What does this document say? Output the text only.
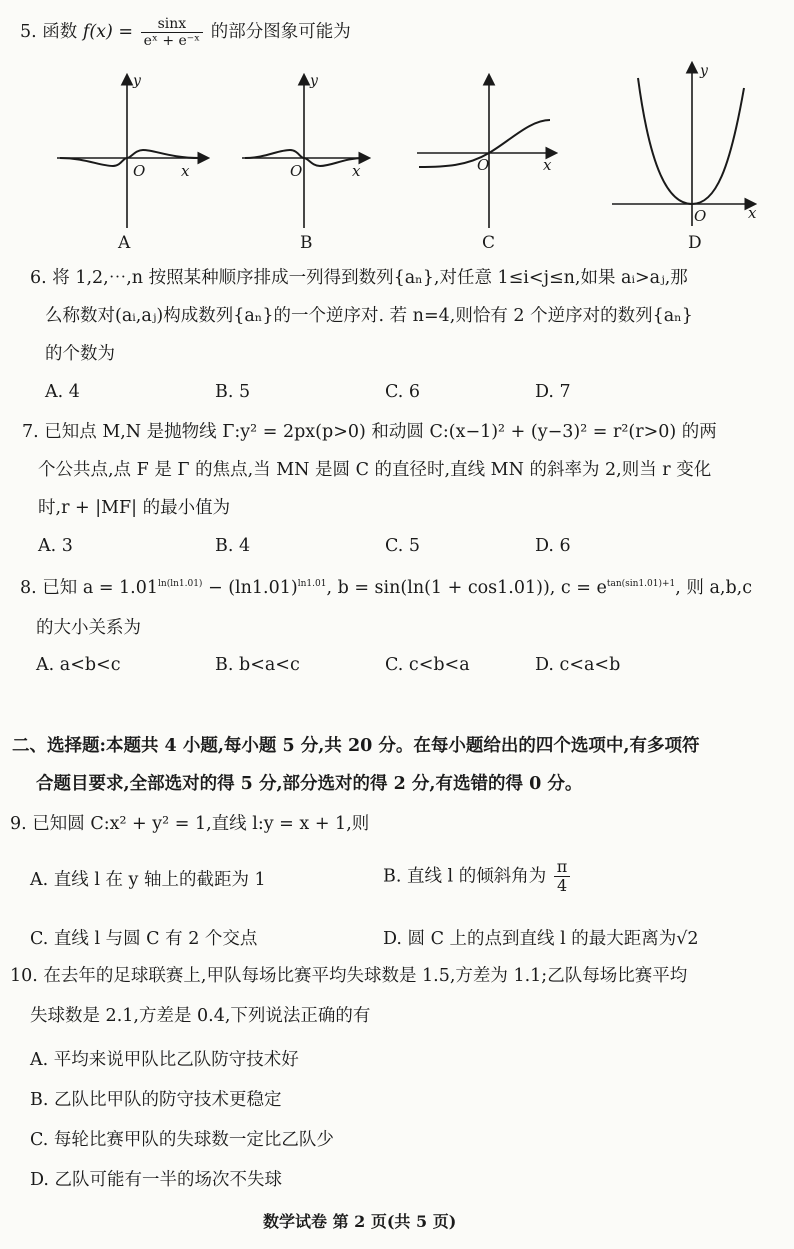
5. 函数 $f(x) = \frac{\sin x}{\text{eˣ + e⁻ˣ}}$ 的部分图象可能为
y
O x
A
y
O	x
B
O	x
C
y
O	x
D
6. 将 1,2,⋯,n 按照某种顺序排成一列得到数列{aₙ},对任意 1≤i<j≤n,如果 aᵢ>aⱼ,那
么称数对(aᵢ,aⱼ)构成数列{aₙ}的一个逆序对. 若 n=4,则恰有 2 个逆序对的数列{aₙ}
的个数为
A. 4	B. 5	C. 6	D. 7
7. 已知点 M,N 是抛物线 Γ:y² = 2px(p>0) 和动圆 C:(x−1)² + (y−3)² = r²(r>0) 的两
个公共点,点 F 是 Γ 的焦点,当 MN 是圆 C 的直径时,直线 MN 的斜率为 2,则当 r 变化
时,r + |MF| 的最小值为
A. 3	B. 4	C. 5	D. 6
8. 已知 $a = 1.01^{ln(ln1.01)} - (\ln 1.01)^{ln1.01}$, b = sin(ln(1 + cos1.01)), $c = e^{tan(sin1.01)+1}$, 则 a,b,c
的大小关系为
A. a<b<c	B. b<a<c	C. c<b<a	D. c<a<b
二、选择题:本题共 4 小题,每小题 5 分,共 20 分。在每小题给出的四个选项中,有多项符
合题目要求,全部选对的得 5 分,部分选对的得 2 分,有选错的得 0 分。
9. 已知圆 C:x² + y² = 1,直线 l:y = x + 1,则
A. 直线 l 在 y 轴上的截距为 1	B. 直线 l 的倾斜角为 $\frac{\pi}{4}$
C. 直线 l 与圆 C 有 2 个交点	D. 圆 C 上的点到直线 l 的最大距离为√2
10. 在去年的足球联赛上,甲队每场比赛平均失球数是 1.5,方差为 1.1;乙队每场比赛平均
失球数是 2.1,方差是 0.4,下列说法正确的有
A. 平均来说甲队比乙队防守技术好
B. 乙队比甲队的防守技术更稳定
C. 每轮比赛甲队的失球数一定比乙队少
D. 乙队可能有一半的场次不失球
数学试卷 第 2 页(共 5 页)
